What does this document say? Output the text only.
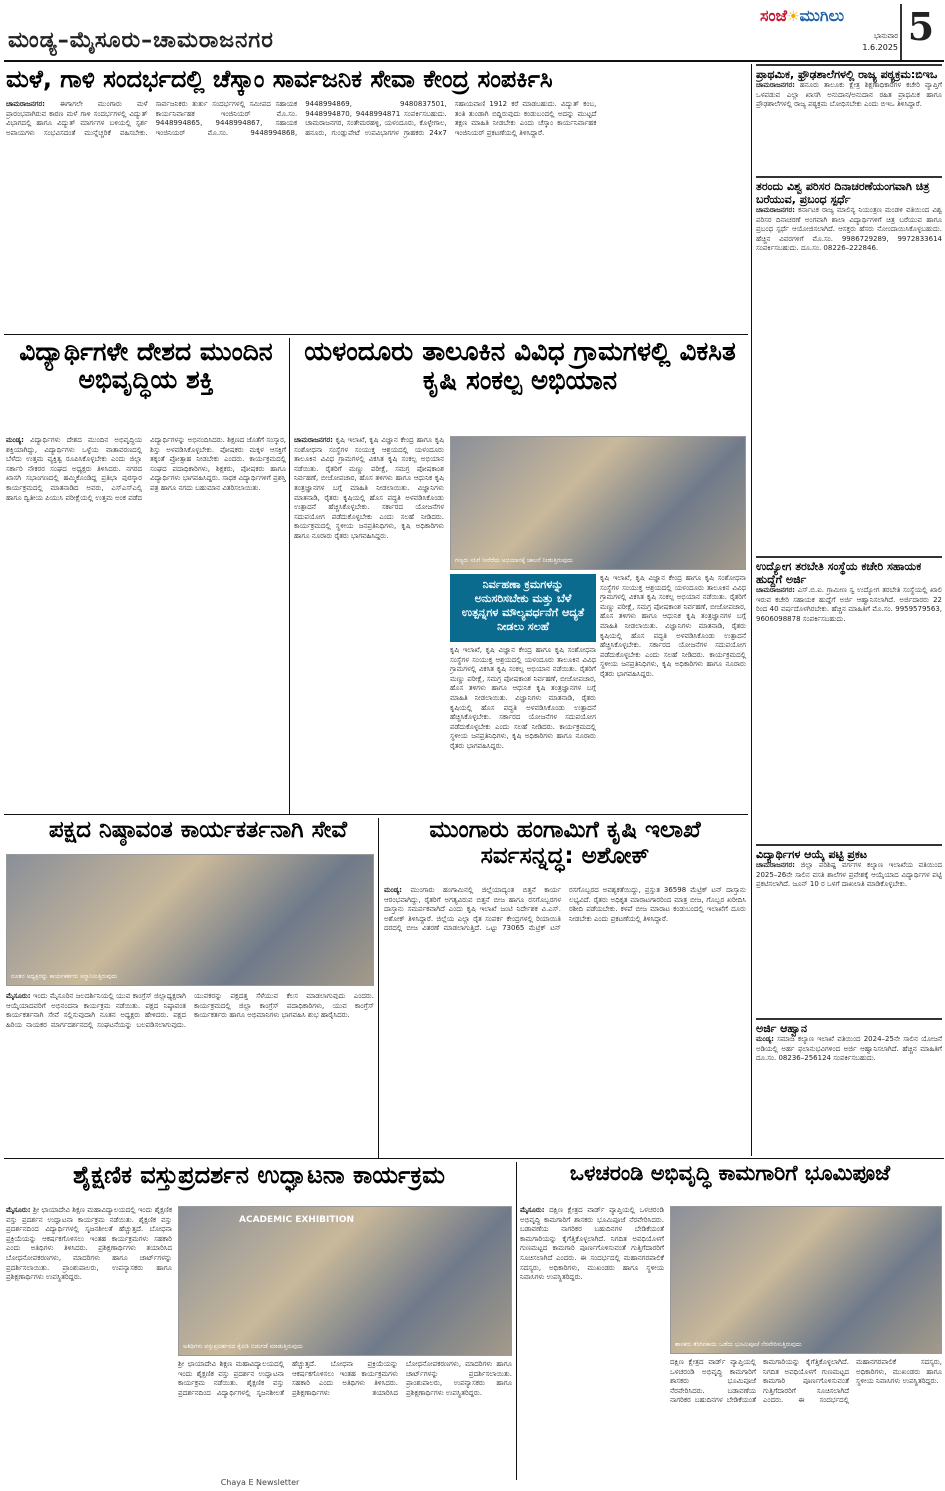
ಮಂಡ್ಯ–ಮೈಸೂರು–ಚಾಮರಾಜನಗರ
ಸಂಜೆ☀ಮುಗಿಲು
ಭಾನುವಾರ
1.6.2025 5
ಮಳೆ, ಗಾಳಿ ಸಂದರ್ಭದಲ್ಲಿ ಚೆಸ್ಕಾಂ ಸಾರ್ವಜನಿಕ ಸೇವಾ ಕೇಂದ್ರ ಸಂಪರ್ಕಿಸಿ
ಚಾಮರಾಜನಗರ: ಈಗಾಗಲೇ ಮುಂಗಾರು ಮಳೆ ಪ್ರಾರಂಭವಾಗಿರುವ ಕಾರಣ ಮಳೆ ಗಾಳಿ ಸಂದರ್ಭಗಳಲ್ಲಿ ವಿದ್ಯುತ್ ವಿಭಾಗದಲ್ಲಿ ಹಾಗೂ ವಿದ್ಯುತ್ ಮಾರ್ಗಗಳ ಬಳಿಯಲ್ಲಿ ಸ್ಪರ್ಶ ಅಪಾಯಗಳು ಸಂಭವಿಸದಂತೆ ಮುನ್ನೆಚ್ಚರಿಕೆ ವಹಿಸಬೇಕು. ಸಾರ್ವಜನಿಕರು ತುರ್ತು ಸಂದರ್ಭಗಳಲ್ಲಿ ಸಮೀಪದ ಸಹಾಯಕ ಕಾರ್ಯನಿರ್ವಾಹಕ ಇಂಜಿನಿಯರ್ ಮೊ.ಸಂ. 9448994865, 9448994867, ಸಹಾಯಕ ಇಂಜಿನಿಯರ್ ಮೊ.ಸಂ. 9448994868, 9448994869, 9480837501, 9448994870, 9448994871 ಸಂಪರ್ಕಿಸಬಹುದು. ಚಾಮರಾಜನಗರ, ಸಂತೇಮರಹಳ್ಳಿ, ಯಳಂದೂರು, ಕೊಳ್ಳೇಗಾಲ, ಹನೂರು, ಗುಂಡ್ಲುಪೇಟೆ ಉಪವಿಭಾಗಗಳ ಗ್ರಾಹಕರು 24x7 ಸಹಾಯವಾಣಿ 1912 ಕರೆ ಮಾಡಬಹುದು. ವಿದ್ಯುತ್ ಕಂಬ, ತಂತಿ ತುಂಡಾಗಿ ಬಿದ್ದಿರುವುದು ಕಂಡುಬಂದಲ್ಲಿ ಅದನ್ನು ಮುಟ್ಟದೆ ತಕ್ಷಣ ಮಾಹಿತಿ ನೀಡಬೇಕು ಎಂದು ಚೆಸ್ಕಾಂ ಕಾರ್ಯನಿರ್ವಾಹಕ ಇಂಜಿನಿಯರ್ ಪ್ರಕಟಣೆಯಲ್ಲಿ ತಿಳಿಸಿದ್ದಾರೆ.
ವಿದ್ಯಾರ್ಥಿಗಳೇ ದೇಶದ ಮುಂದಿನ ಅಭಿವೃದ್ಧಿಯ ಶಕ್ತಿ
ಮಂಡ್ಯ: ವಿದ್ಯಾರ್ಥಿಗಳು ದೇಶದ ಮುಂದಿನ ಅಭಿವೃದ್ಧಿಯ ಶಕ್ತಿಯಾಗಿದ್ದು, ವಿದ್ಯಾರ್ಥಿಗಳು ಒಳ್ಳೆಯ ವಾತಾವರಣದಲ್ಲಿ ಬೆಳೆದು ಉತ್ತಮ ವ್ಯಕ್ತಿತ್ವ ರೂಪಿಸಿಕೊಳ್ಳಬೇಕು ಎಂದು ಜಿಲ್ಲಾ ಸರ್ಕಾರಿ ನೌಕರರ ಸಂಘದ ಅಧ್ಯಕ್ಷರು ತಿಳಿಸಿದರು. ನಗರದ ಖಾಸಗಿ ಸಭಾಂಗಣದಲ್ಲಿ ಹಮ್ಮಿಕೊಂಡಿದ್ದ ಪ್ರತಿಭಾ ಪುರಸ್ಕಾರ ಕಾರ್ಯಕ್ರಮದಲ್ಲಿ ಮಾತನಾಡಿದ ಅವರು, ಎಸ್ಎಸ್ಎಲ್ಸಿ ಹಾಗೂ ದ್ವಿತೀಯ ಪಿಯುಸಿ ಪರೀಕ್ಷೆಯಲ್ಲಿ ಉತ್ತಮ ಅಂಕ ಪಡೆದ ವಿದ್ಯಾರ್ಥಿಗಳನ್ನು ಅಭಿನಂದಿಸಿದರು. ಶಿಕ್ಷಣದ ಜೊತೆಗೆ ಸಂಸ್ಕಾರ, ಶಿಸ್ತು ಅಳವಡಿಸಿಕೊಳ್ಳಬೇಕು. ಪೋಷಕರು ಮಕ್ಕಳ ಆಸಕ್ತಿಗೆ ತಕ್ಕಂತೆ ಪ್ರೋತ್ಸಾಹ ನೀಡಬೇಕು ಎಂದರು. ಕಾರ್ಯಕ್ರಮದಲ್ಲಿ ಸಂಘದ ಪದಾಧಿಕಾರಿಗಳು, ಶಿಕ್ಷಕರು, ಪೋಷಕರು ಹಾಗೂ ವಿದ್ಯಾರ್ಥಿಗಳು ಭಾಗವಹಿಸಿದ್ದರು. ಸಾಧಕ ವಿದ್ಯಾರ್ಥಿಗಳಿಗೆ ಪ್ರಶಸ್ತಿ ಪತ್ರ ಹಾಗೂ ನಗದು ಬಹುಮಾನ ವಿತರಿಸಲಾಯಿತು.
ಯಳಂದೂರು ತಾಲೂಕಿನ ವಿವಿಧ ಗ್ರಾಮಗಳಲ್ಲಿ ವಿಕಸಿತ ಕೃಷಿ ಸಂಕಲ್ಪ ಅಭಿಯಾನ
ಚಾಮರಾಜನಗರ: ಕೃಷಿ ಇಲಾಖೆ, ಕೃಷಿ ವಿಜ್ಞಾನ ಕೇಂದ್ರ ಹಾಗೂ ಕೃಷಿ ಸಂಶೋಧನಾ ಸಂಸ್ಥೆಗಳ ಸಂಯುಕ್ತ ಆಶ್ರಯದಲ್ಲಿ ಯಳಂದೂರು ತಾಲೂಕಿನ ವಿವಿಧ ಗ್ರಾಮಗಳಲ್ಲಿ ವಿಕಸಿತ ಕೃಷಿ ಸಂಕಲ್ಪ ಅಭಿಯಾನ ನಡೆಯಿತು. ರೈತರಿಗೆ ಮಣ್ಣು ಪರೀಕ್ಷೆ, ಸಮಗ್ರ ಪೋಷಕಾಂಶ ನಿರ್ವಹಣೆ, ಬೀಜೋಪಚಾರ, ಹೊಸ ತಳಿಗಳು ಹಾಗೂ ಆಧುನಿಕ ಕೃಷಿ ತಂತ್ರಜ್ಞಾನಗಳ ಬಗ್ಗೆ ಮಾಹಿತಿ ನೀಡಲಾಯಿತು. ವಿಜ್ಞಾನಿಗಳು ಮಾತನಾಡಿ, ರೈತರು ಕೃಷಿಯಲ್ಲಿ ಹೊಸ ಪದ್ಧತಿ ಅಳವಡಿಸಿಕೊಂಡು ಉತ್ಪಾದನೆ ಹೆಚ್ಚಿಸಿಕೊಳ್ಳಬೇಕು. ಸರ್ಕಾರದ ಯೋಜನೆಗಳ ಸದುಪಯೋಗ ಪಡೆದುಕೊಳ್ಳಬೇಕು ಎಂದು ಸಲಹೆ ನೀಡಿದರು. ಕಾರ್ಯಕ್ರಮದಲ್ಲಿ ಸ್ಥಳೀಯ ಜನಪ್ರತಿನಿಧಿಗಳು, ಕೃಷಿ ಅಧಿಕಾರಿಗಳು ಹಾಗೂ ನೂರಾರು ರೈತರು ಭಾಗವಹಿಸಿದ್ದರು.
ಗಣ್ಯರು ಸಸಿಗೆ ನೀರೆರೆದು ಅಭಿಯಾನಕ್ಕೆ ಚಾಲನೆ ನೀಡುತ್ತಿರುವುದು
ನಿರ್ವಹಣಾ ಕ್ರಮಗಳನ್ನು ಅನುಸರಿಸಬೇಕು ಮತ್ತು ಬೆಳೆ ಉತ್ಪನ್ನಗಳ ಮೌಲ್ಯವರ್ಧನೆಗೆ ಆದ್ಯತೆ ನೀಡಲು ಸಲಹೆ
ಕೃಷಿ ಇಲಾಖೆ, ಕೃಷಿ ವಿಜ್ಞಾನ ಕೇಂದ್ರ ಹಾಗೂ ಕೃಷಿ ಸಂಶೋಧನಾ ಸಂಸ್ಥೆಗಳ ಸಂಯುಕ್ತ ಆಶ್ರಯದಲ್ಲಿ ಯಳಂದೂರು ತಾಲೂಕಿನ ವಿವಿಧ ಗ್ರಾಮಗಳಲ್ಲಿ ವಿಕಸಿತ ಕೃಷಿ ಸಂಕಲ್ಪ ಅಭಿಯಾನ ನಡೆಯಿತು. ರೈತರಿಗೆ ಮಣ್ಣು ಪರೀಕ್ಷೆ, ಸಮಗ್ರ ಪೋಷಕಾಂಶ ನಿರ್ವಹಣೆ, ಬೀಜೋಪಚಾರ, ಹೊಸ ತಳಿಗಳು ಹಾಗೂ ಆಧುನಿಕ ಕೃಷಿ ತಂತ್ರಜ್ಞಾನಗಳ ಬಗ್ಗೆ ಮಾಹಿತಿ ನೀಡಲಾಯಿತು. ವಿಜ್ಞಾನಿಗಳು ಮಾತನಾಡಿ, ರೈತರು ಕೃಷಿಯಲ್ಲಿ ಹೊಸ ಪದ್ಧತಿ ಅಳವಡಿಸಿಕೊಂಡು ಉತ್ಪಾದನೆ ಹೆಚ್ಚಿಸಿಕೊಳ್ಳಬೇಕು. ಸರ್ಕಾರದ ಯೋಜನೆಗಳ ಸದುಪಯೋಗ ಪಡೆದುಕೊಳ್ಳಬೇಕು ಎಂದು ಸಲಹೆ ನೀಡಿದರು. ಕಾರ್ಯಕ್ರಮದಲ್ಲಿ ಸ್ಥಳೀಯ ಜನಪ್ರತಿನಿಧಿಗಳು, ಕೃಷಿ ಅಧಿಕಾರಿಗಳು ಹಾಗೂ ನೂರಾರು ರೈತರು ಭಾಗವಹಿಸಿದ್ದರು.
ಕೃಷಿ ಇಲಾಖೆ, ಕೃಷಿ ವಿಜ್ಞಾನ ಕೇಂದ್ರ ಹಾಗೂ ಕೃಷಿ ಸಂಶೋಧನಾ ಸಂಸ್ಥೆಗಳ ಸಂಯುಕ್ತ ಆಶ್ರಯದಲ್ಲಿ ಯಳಂದೂರು ತಾಲೂಕಿನ ವಿವಿಧ ಗ್ರಾಮಗಳಲ್ಲಿ ವಿಕಸಿತ ಕೃಷಿ ಸಂಕಲ್ಪ ಅಭಿಯಾನ ನಡೆಯಿತು. ರೈತರಿಗೆ ಮಣ್ಣು ಪರೀಕ್ಷೆ, ಸಮಗ್ರ ಪೋಷಕಾಂಶ ನಿರ್ವಹಣೆ, ಬೀಜೋಪಚಾರ, ಹೊಸ ತಳಿಗಳು ಹಾಗೂ ಆಧುನಿಕ ಕೃಷಿ ತಂತ್ರಜ್ಞಾನಗಳ ಬಗ್ಗೆ ಮಾಹಿತಿ ನೀಡಲಾಯಿತು. ವಿಜ್ಞಾನಿಗಳು ಮಾತನಾಡಿ, ರೈತರು ಕೃಷಿಯಲ್ಲಿ ಹೊಸ ಪದ್ಧತಿ ಅಳವಡಿಸಿಕೊಂಡು ಉತ್ಪಾದನೆ ಹೆಚ್ಚಿಸಿಕೊಳ್ಳಬೇಕು. ಸರ್ಕಾರದ ಯೋಜನೆಗಳ ಸದುಪಯೋಗ ಪಡೆದುಕೊಳ್ಳಬೇಕು ಎಂದು ಸಲಹೆ ನೀಡಿದರು. ಕಾರ್ಯಕ್ರಮದಲ್ಲಿ ಸ್ಥಳೀಯ ಜನಪ್ರತಿನಿಧಿಗಳು, ಕೃಷಿ ಅಧಿಕಾರಿಗಳು ಹಾಗೂ ನೂರಾರು ರೈತರು ಭಾಗವಹಿಸಿದ್ದರು.
ಪಕ್ಷದ ನಿಷ್ಠಾವಂತ ಕಾರ್ಯಕರ್ತನಾಗಿ ಸೇವೆ
ನೂತನ ಅಧ್ಯಕ್ಷರನ್ನು ಕಾರ್ಯಕರ್ತರು ಸನ್ಮಾನಿಸುತ್ತಿರುವುದು
ಮೈಸೂರು: ಇಂದು ಮೈಸೂರಿನ ಜಲದರ್ಶಿನಿಯಲ್ಲಿ ಯುವ ಕಾಂಗ್ರೆಸ್ ಜಿಲ್ಲಾಧ್ಯಕ್ಷರಾಗಿ ಆಯ್ಕೆಯಾದವರಿಗೆ ಅಭಿನಂದನಾ ಕಾರ್ಯಕ್ರಮ ನಡೆಯಿತು. ಪಕ್ಷದ ನಿಷ್ಠಾವಂತ ಕಾರ್ಯಕರ್ತನಾಗಿ ಸೇವೆ ಸಲ್ಲಿಸುವುದಾಗಿ ನೂತನ ಅಧ್ಯಕ್ಷರು ಹೇಳಿದರು. ಪಕ್ಷದ ಹಿರಿಯ ನಾಯಕರ ಮಾರ್ಗದರ್ಶನದಲ್ಲಿ ಸಂಘಟನೆಯನ್ನು ಬಲಪಡಿಸಲಾಗುವುದು. ಯುವಕರನ್ನು ಪಕ್ಷದತ್ತ ಸೆಳೆಯುವ ಕೆಲಸ ಮಾಡಲಾಗುವುದು ಎಂದರು. ಕಾರ್ಯಕ್ರಮದಲ್ಲಿ ಜಿಲ್ಲಾ ಕಾಂಗ್ರೆಸ್ ಪದಾಧಿಕಾರಿಗಳು, ಯುವ ಕಾಂಗ್ರೆಸ್ ಕಾರ್ಯಕರ್ತರು ಹಾಗೂ ಅಭಿಮಾನಿಗಳು ಭಾಗವಹಿಸಿ ಶುಭ ಹಾರೈಸಿದರು.
ಮುಂಗಾರು ಹಂಗಾಮಿಗೆ ಕೃಷಿ ಇಲಾಖೆ ಸರ್ವಸನ್ನದ್ಧ: ಅಶೋಕ್
ಮಂಡ್ಯ: ಮುಂಗಾರು ಹಂಗಾಮಿನಲ್ಲಿ ಜಿಲ್ಲೆಯಾದ್ಯಂತ ಬಿತ್ತನೆ ಕಾರ್ಯ ಆರಂಭವಾಗಿದ್ದು, ರೈತರಿಗೆ ಅಗತ್ಯವಿರುವ ಬಿತ್ತನೆ ಬೀಜ ಹಾಗೂ ರಸಗೊಬ್ಬರಗಳ ದಾಸ್ತಾನು ಸಮರ್ಪಕವಾಗಿದೆ ಎಂದು ಕೃಷಿ ಇಲಾಖೆ ಜಂಟಿ ನಿರ್ದೇಶಕ ವಿ.ಎಸ್. ಅಶೋಕ್ ತಿಳಿಸಿದ್ದಾರೆ. ಜಿಲ್ಲೆಯ ಎಲ್ಲಾ ರೈತ ಸಂಪರ್ಕ ಕೇಂದ್ರಗಳಲ್ಲಿ ರಿಯಾಯಿತಿ ದರದಲ್ಲಿ ಬೀಜ ವಿತರಣೆ ಮಾಡಲಾಗುತ್ತಿದೆ. ಒಟ್ಟು 73065 ಮೆಟ್ರಿಕ್ ಟನ್ ರಸಗೊಬ್ಬರದ ಅವಶ್ಯಕತೆಯಿದ್ದು, ಪ್ರಸ್ತುತ 36598 ಮೆಟ್ರಿಕ್ ಟನ್ ದಾಸ್ತಾನು ಲಭ್ಯವಿದೆ. ರೈತರು ಅಧಿಕೃತ ಮಾರಾಟಗಾರರಿಂದ ಮಾತ್ರ ಬೀಜ, ಗೊಬ್ಬರ ಖರೀದಿಸಿ ರಶೀದಿ ಪಡೆಯಬೇಕು. ಕಳಪೆ ಬೀಜ ಮಾರಾಟ ಕಂಡುಬಂದಲ್ಲಿ ಇಲಾಖೆಗೆ ದೂರು ನೀಡಬೇಕು ಎಂದು ಪ್ರಕಟಣೆಯಲ್ಲಿ ತಿಳಿಸಿದ್ದಾರೆ.
ಪ್ರಾಥಮಿಕ, ಫ್ರೌಢಶಾಲೆಗಳಲ್ಲಿ ರಾಜ್ಯ ಪಠ್ಯಕ್ರಮ:ಬಿಇಒ
ಚಾಮರಾಜನಗರ: ಹನೂರು ತಾಲೂಕು ಕ್ಷೇತ್ರ ಶಿಕ್ಷಣಾಧಿಕಾರಿಗಳ ಕಚೇರಿ ವ್ಯಾಪ್ತಿಗೆ ಒಳಪಡುವ ಎಲ್ಲಾ ಖಾಸಗಿ ಅನುದಾನ/ಅನುದಾನ ರಹಿತ ಪ್ರಾಥಮಿಕ ಹಾಗೂ ಪ್ರೌಢಶಾಲೆಗಳಲ್ಲಿ ರಾಜ್ಯ ಪಠ್ಯಕ್ರಮ ಬೋಧಿಸಬೇಕು ಎಂದು ಬಿಇಒ ತಿಳಿಸಿದ್ದಾರೆ.
ತರಂದು ವಿಶ್ವ ಪರಿಸರ ದಿನಾಚರಣೆಯಂಗವಾಗಿ ಚಿತ್ರ ಬರೆಯುವ, ಪ್ರಬಂಧ ಸ್ಪರ್ಧೆ
ಚಾಮರಾಜನಗರ: ಕರ್ನಾಟಕ ರಾಜ್ಯ ಮಾಲಿನ್ಯ ನಿಯಂತ್ರಣ ಮಂಡಳಿ ವತಿಯಿಂದ ವಿಶ್ವ ಪರಿಸರ ದಿನಾಚರಣೆ ಅಂಗವಾಗಿ ಶಾಲಾ ವಿದ್ಯಾರ್ಥಿಗಳಿಗೆ ಚಿತ್ರ ಬರೆಯುವ ಹಾಗೂ ಪ್ರಬಂಧ ಸ್ಪರ್ಧೆ ಆಯೋಜಿಸಲಾಗಿದೆ. ಆಸಕ್ತರು ಹೆಸರು ನೋಂದಾಯಿಸಿಕೊಳ್ಳಬಹುದು. ಹೆಚ್ಚಿನ ವಿವರಗಳಿಗೆ ಮೊ.ಸಂ. 9986729289, 9972833614 ಸಂಪರ್ಕಿಸಬಹುದು. ದೂ.ಸಂ. 08226–222846.
ಉದ್ಯೋಗ ತರಬೇತಿ ಸಂಸ್ಥೆಯ ಕಚೇರಿ ಸಹಾಯಕ ಹುದ್ದೆಗೆ ಅರ್ಜಿ
ಚಾಮರಾಜನಗರ: ಎಸ್.ಬಿ.ಐ. ಗ್ರಾಮೀಣ ಸ್ವ ಉದ್ಯೋಗ ತರಬೇತಿ ಸಂಸ್ಥೆಯಲ್ಲಿ ಖಾಲಿ ಇರುವ ಕಚೇರಿ ಸಹಾಯಕ ಹುದ್ದೆಗೆ ಅರ್ಜಿ ಆಹ್ವಾನಿಸಲಾಗಿದೆ. ಅರ್ಜಿದಾರರು 22 ರಿಂದ 40 ವರ್ಷದೊಳಗಿರಬೇಕು. ಹೆಚ್ಚಿನ ಮಾಹಿತಿಗೆ ಮೊ.ಸಂ. 9959579563, 9606098878 ಸಂಪರ್ಕಿಸಬಹುದು.
ವಿದ್ಯಾರ್ಥಿಗಳ ಆಯ್ಕೆ ಪಟ್ಟಿ ಪ್ರಕಟ
ಚಾಮರಾಜನಗರ: ಜಿಲ್ಲಾ ಪರಿಶಿಷ್ಟ ವರ್ಗಗಳ ಕಲ್ಯಾಣ ಇಲಾಖೆಯ ವತಿಯಿಂದ 2025–26ನೇ ಸಾಲಿನ ವಸತಿ ಶಾಲೆಗಳ ಪ್ರವೇಶಕ್ಕೆ ಆಯ್ಕೆಯಾದ ವಿದ್ಯಾರ್ಥಿಗಳ ಪಟ್ಟಿ ಪ್ರಕಟಿಸಲಾಗಿದೆ. ಜೂನ್ 10 ರ ಒಳಗೆ ದಾಖಲಾತಿ ಮಾಡಿಕೊಳ್ಳಬೇಕು.
ಅರ್ಜಿ ಆಹ್ವಾನ
ಮಂಡ್ಯ: ಸಮಾಜ ಕಲ್ಯಾಣ ಇಲಾಖೆ ವತಿಯಿಂದ 2024–25ನೇ ಸಾಲಿನ ಯೋಜನೆ ಅಡಿಯಲ್ಲಿ ಅರ್ಹ ಫಲಾನುಭವಿಗಳಿಂದ ಅರ್ಜಿ ಆಹ್ವಾನಿಸಲಾಗಿದೆ. ಹೆಚ್ಚಿನ ಮಾಹಿತಿಗೆ ದೂ.ಸಂ. 08236–256124 ಸಂಪರ್ಕಿಸಬಹುದು.
ಶೈಕ್ಷಣಿಕ ವಸ್ತುಪ್ರದರ್ಶನ ಉದ್ಘಾಟನಾ ಕಾರ್ಯಕ್ರಮ
ಮೈಸೂರು: ಶ್ರೀ ಛಾಯಾದೇವಿ ಶಿಕ್ಷಣ ಮಹಾವಿದ್ಯಾಲಯದಲ್ಲಿ ಇಂದು ಶೈಕ್ಷಣಿಕ ವಸ್ತು ಪ್ರದರ್ಶನ ಉದ್ಘಾಟನಾ ಕಾರ್ಯಕ್ರಮ ನಡೆಯಿತು. ಶೈಕ್ಷಣಿಕ ವಸ್ತು ಪ್ರದರ್ಶನದಿಂದ ವಿದ್ಯಾರ್ಥಿಗಳಲ್ಲಿ ಸೃಜನಶೀಲತೆ ಹೆಚ್ಚುತ್ತದೆ. ಬೋಧನಾ ಪ್ರಕ್ರಿಯೆಯನ್ನು ಆಕರ್ಷಕಗೊಳಿಸಲು ಇಂತಹ ಕಾರ್ಯಕ್ರಮಗಳು ಸಹಕಾರಿ ಎಂದು ಅತಿಥಿಗಳು ತಿಳಿಸಿದರು. ಪ್ರಶಿಕ್ಷಣಾರ್ಥಿಗಳು ತಯಾರಿಸಿದ ಬೋಧನೋಪಕರಣಗಳು, ಮಾದರಿಗಳು ಹಾಗೂ ಚಾರ್ಟ್‌ಗಳನ್ನು ಪ್ರದರ್ಶಿಸಲಾಯಿತು. ಪ್ರಾಂಶುಪಾಲರು, ಉಪನ್ಯಾಸಕರು ಹಾಗೂ ಪ್ರಶಿಕ್ಷಣಾರ್ಥಿಗಳು ಉಪಸ್ಥಿತರಿದ್ದರು.
ACADEMIC EXHIBITION
ಅತಿಥಿಗಳು ವಸ್ತುಪ್ರದರ್ಶನದ ಕೈಪಿಡಿ ಬಿಡುಗಡೆ ಮಾಡುತ್ತಿರುವುದು
ಶ್ರೀ ಛಾಯಾದೇವಿ ಶಿಕ್ಷಣ ಮಹಾವಿದ್ಯಾಲಯದಲ್ಲಿ ಇಂದು ಶೈಕ್ಷಣಿಕ ವಸ್ತು ಪ್ರದರ್ಶನ ಉದ್ಘಾಟನಾ ಕಾರ್ಯಕ್ರಮ ನಡೆಯಿತು. ಶೈಕ್ಷಣಿಕ ವಸ್ತು ಪ್ರದರ್ಶನದಿಂದ ವಿದ್ಯಾರ್ಥಿಗಳಲ್ಲಿ ಸೃಜನಶೀಲತೆ ಹೆಚ್ಚುತ್ತದೆ. ಬೋಧನಾ ಪ್ರಕ್ರಿಯೆಯನ್ನು ಆಕರ್ಷಕಗೊಳಿಸಲು ಇಂತಹ ಕಾರ್ಯಕ್ರಮಗಳು ಸಹಕಾರಿ ಎಂದು ಅತಿಥಿಗಳು ತಿಳಿಸಿದರು. ಪ್ರಶಿಕ್ಷಣಾರ್ಥಿಗಳು ತಯಾರಿಸಿದ ಬೋಧನೋಪಕರಣಗಳು, ಮಾದರಿಗಳು ಹಾಗೂ ಚಾರ್ಟ್‌ಗಳನ್ನು ಪ್ರದರ್ಶಿಸಲಾಯಿತು. ಪ್ರಾಂಶುಪಾಲರು, ಉಪನ್ಯಾಸಕರು ಹಾಗೂ ಪ್ರಶಿಕ್ಷಣಾರ್ಥಿಗಳು ಉಪಸ್ಥಿತರಿದ್ದರು.
ಒಳಚರಂಡಿ ಅಭಿವೃದ್ಧಿ ಕಾಮಗಾರಿಗೆ ಭೂಮಿಪೂಜೆ
ಮೈಸೂರು: ದಕ್ಷಿಣ ಕ್ಷೇತ್ರದ ವಾರ್ಡ್ ವ್ಯಾಪ್ತಿಯಲ್ಲಿ ಒಳಚರಂಡಿ ಅಭಿವೃದ್ಧಿ ಕಾಮಗಾರಿಗೆ ಶಾಸಕರು ಭೂಮಿಪೂಜೆ ನೆರವೇರಿಸಿದರು. ಬಡಾವಣೆಯ ನಾಗರಿಕರ ಬಹುದಿನಗಳ ಬೇಡಿಕೆಯಂತೆ ಕಾಮಗಾರಿಯನ್ನು ಕೈಗೆತ್ತಿಕೊಳ್ಳಲಾಗಿದೆ. ನಿಗದಿತ ಅವಧಿಯೊಳಗೆ ಗುಣಮಟ್ಟದ ಕಾಮಗಾರಿ ಪೂರ್ಣಗೊಳಿಸುವಂತೆ ಗುತ್ತಿಗೆದಾರರಿಗೆ ಸೂಚಿಸಲಾಗಿದೆ ಎಂದರು. ಈ ಸಂದರ್ಭದಲ್ಲಿ ಮಹಾನಗರಪಾಲಿಕೆ ಸದಸ್ಯರು, ಅಧಿಕಾರಿಗಳು, ಮುಖಂಡರು ಹಾಗೂ ಸ್ಥಳೀಯ ನಿವಾಸಿಗಳು ಉಪಸ್ಥಿತರಿದ್ದರು.
ಶಾಸಕರು ತೆಂಗಿನಕಾಯಿ ಒಡೆದು ಭೂಮಿಪೂಜೆ ನೆರವೇರಿಸುತ್ತಿರುವುದು
ದಕ್ಷಿಣ ಕ್ಷೇತ್ರದ ವಾರ್ಡ್ ವ್ಯಾಪ್ತಿಯಲ್ಲಿ ಒಳಚರಂಡಿ ಅಭಿವೃದ್ಧಿ ಕಾಮಗಾರಿಗೆ ಶಾಸಕರು ಭೂಮಿಪೂಜೆ ನೆರವೇರಿಸಿದರು. ಬಡಾವಣೆಯ ನಾಗರಿಕರ ಬಹುದಿನಗಳ ಬೇಡಿಕೆಯಂತೆ ಕಾಮಗಾರಿಯನ್ನು ಕೈಗೆತ್ತಿಕೊಳ್ಳಲಾಗಿದೆ. ನಿಗದಿತ ಅವಧಿಯೊಳಗೆ ಗುಣಮಟ್ಟದ ಕಾಮಗಾರಿ ಪೂರ್ಣಗೊಳಿಸುವಂತೆ ಗುತ್ತಿಗೆದಾರರಿಗೆ ಸೂಚಿಸಲಾಗಿದೆ ಎಂದರು. ಈ ಸಂದರ್ಭದಲ್ಲಿ ಮಹಾನಗರಪಾಲಿಕೆ ಸದಸ್ಯರು, ಅಧಿಕಾರಿಗಳು, ಮುಖಂಡರು ಹಾಗೂ ಸ್ಥಳೀಯ ನಿವಾಸಿಗಳು ಉಪಸ್ಥಿತರಿದ್ದರು.
Chaya E Newsletter
